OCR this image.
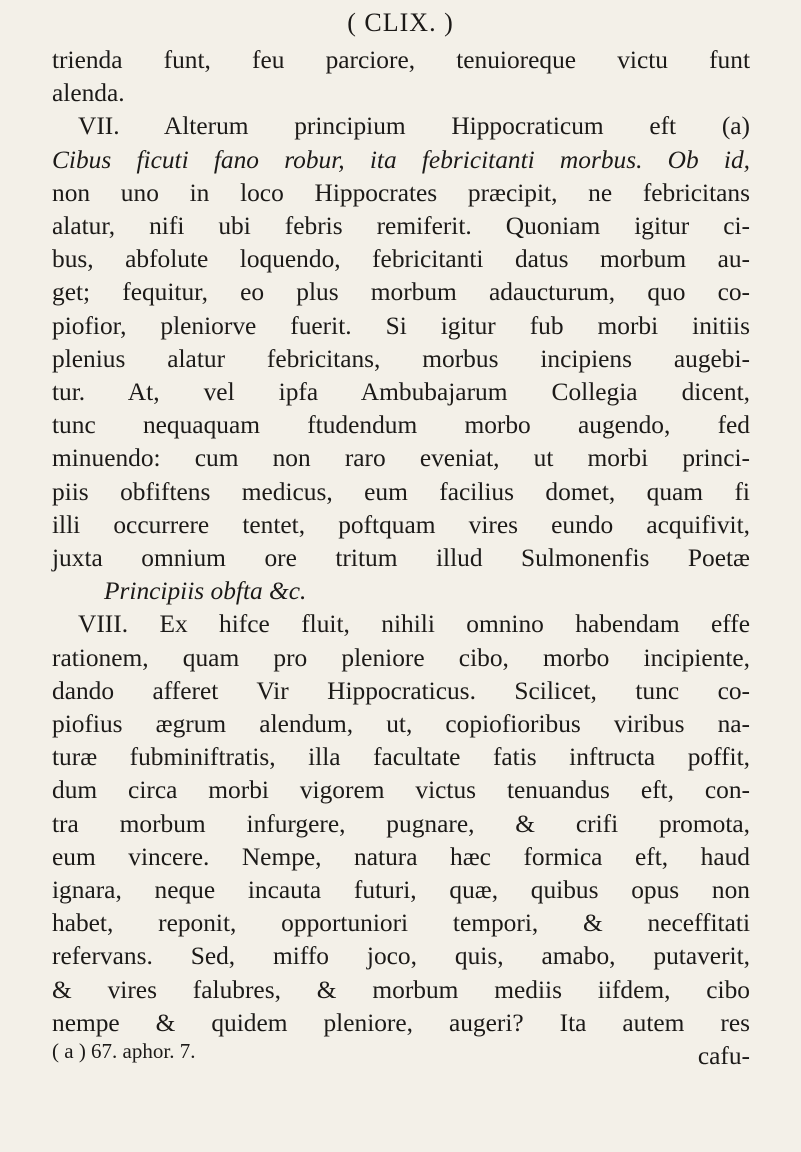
( CLIX. )
trienda funt, feu parciore, tenuioreque victu funt
alenda.
VII. Alterum principium Hippocraticum eft (a)
Cibus ficuti fano robur, ita febricitanti morbus. Ob id,
non uno in loco Hippocrates præcipit, ne febricitans
alatur, nifi ubi febris remiferit. Quoniam igitur ci-
bus, abfolute loquendo, febricitanti datus morbum au-
get; fequitur, eo plus morbum adaucturum, quo co-
piofior, pleniorve fuerit. Si igitur fub morbi initiis
plenius alatur febricitans, morbus incipiens augebi-
tur. At, vel ipfa Ambubajarum Collegia dicent,
tunc nequaquam ftudendum morbo augendo, fed
minuendo: cum non raro eveniat, ut morbi princi-
piis obfiftens medicus, eum facilius domet, quam fi
illi occurrere tentet, poftquam vires eundo acquifivit,
juxta omnium ore tritum illud Sulmonenfis Poetæ
Principiis obfta &c.
VIII. Ex hifce fluit, nihili omnino habendam effe
rationem, quam pro pleniore cibo, morbo incipiente,
dando afferet Vir Hippocraticus. Scilicet, tunc co-
piofius ægrum alendum, ut, copiofioribus viribus na-
turæ fubminiftratis, illa facultate fatis inftructa poffit,
dum circa morbi vigorem victus tenuandus eft, con-
tra morbum infurgere, pugnare, & crifi promota,
eum vincere. Nempe, natura hæc formica eft, haud
ignara, neque incauta futuri, quæ, quibus opus non
habet, reponit, opportuniori tempori, & neceffitati
refervans. Sed, miffo joco, quis, amabo, putaverit,
& vires falubres, & morbum mediis iifdem, cibo
nempe & quidem pleniore, augeri? Ita autem res
cafu-
( a ) 67. aphor. 7.
